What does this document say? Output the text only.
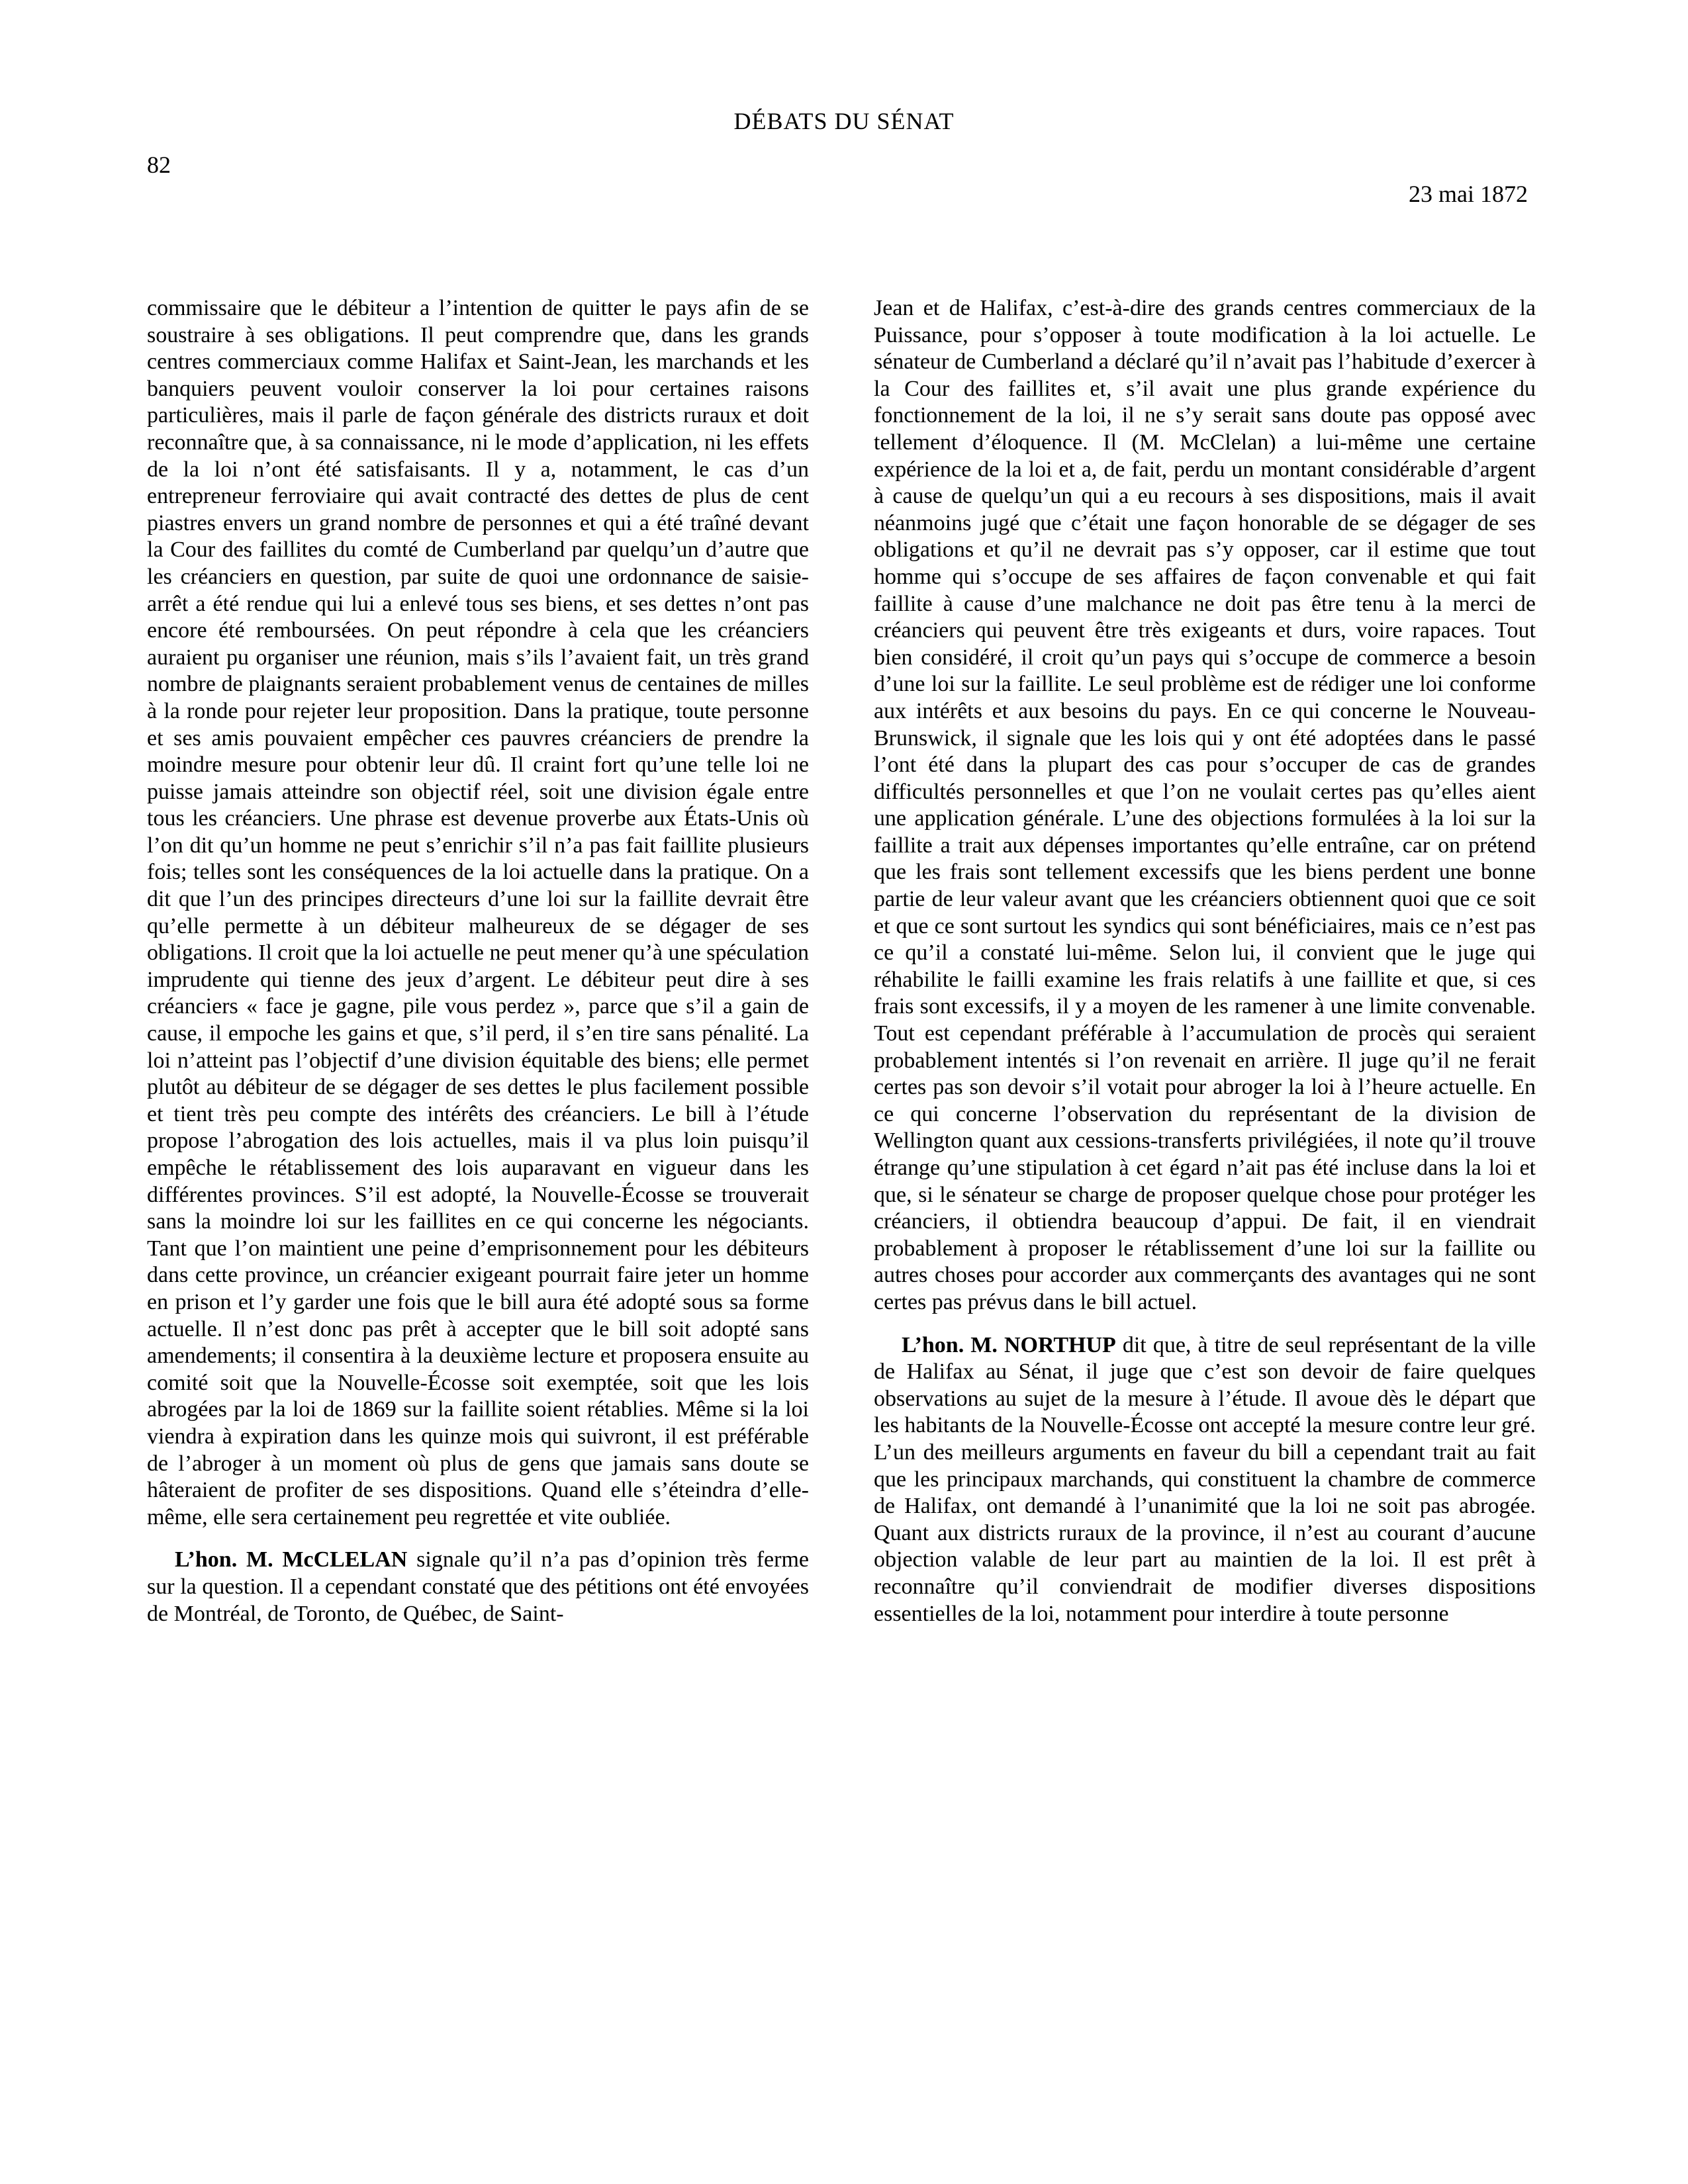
DÉBATS DU SÉNAT
82
23 mai 1872

commissaire que le débiteur a l’intention de quitter le pays afin de se soustraire à ses obligations. Il peut comprendre que, dans les grands centres commerciaux comme Halifax et Saint-Jean, les marchands et les banquiers peuvent vouloir conserver la loi pour certaines raisons particulières, mais il parle de façon générale des districts ruraux et doit reconnaître que, à sa connaissance, ni le mode d’application, ni les effets de la loi n’ont été satisfaisants. Il y a, notamment, le cas d’un entrepreneur ferroviaire qui avait contracté des dettes de plus de cent piastres envers un grand nombre de personnes et qui a été traîné devant la Cour des faillites du comté de Cumberland par quelqu’un d’autre que les créanciers en question, par suite de quoi une ordonnance de saisie-arrêt a été rendue qui lui a enlevé tous ses biens, et ses dettes n’ont pas encore été remboursées. On peut répondre à cela que les créanciers auraient pu organiser une réunion, mais s’ils l’avaient fait, un très grand nombre de plaignants seraient probablement venus de centaines de milles à la ronde pour rejeter leur proposition. Dans la pratique, toute personne et ses amis pouvaient empêcher ces pauvres créanciers de prendre la moindre mesure pour obtenir leur dû. Il craint fort qu’une telle loi ne puisse jamais atteindre son objectif réel, soit une division égale entre tous les créanciers. Une phrase est devenue proverbe aux États-Unis où l’on dit qu’un homme ne peut s’enrichir s’il n’a pas fait faillite plusieurs fois; telles sont les conséquences de la loi actuelle dans la pratique. On a dit que l’un des principes directeurs d’une loi sur la faillite devrait être qu’elle permette à un débiteur malheureux de se dégager de ses obligations. Il croit que la loi actuelle ne peut mener qu’à une spéculation imprudente qui tienne des jeux d’argent. Le débiteur peut dire à ses créanciers « face je gagne, pile vous perdez », parce que s’il a gain de cause, il empoche les gains et que, s’il perd, il s’en tire sans pénalité. La loi n’atteint pas l’objectif d’une division équitable des biens; elle permet plutôt au débiteur de se dégager de ses dettes le plus facilement possible et tient très peu compte des intérêts des créanciers. Le bill à l’étude propose l’abrogation des lois actuelles, mais il va plus loin puisqu’il empêche le rétablissement des lois auparavant en vigueur dans les différentes provinces. S’il est adopté, la Nouvelle-Écosse se trouverait sans la moindre loi sur les faillites en ce qui concerne les négociants. Tant que l’on maintient une peine d’emprisonnement pour les débiteurs dans cette province, un créancier exigeant pourrait faire jeter un homme en prison et l’y garder une fois que le bill aura été adopté sous sa forme actuelle. Il n’est donc pas prêt à accepter que le bill soit adopté sans amendements; il consentira à la deuxième lecture et proposera ensuite au comité soit que la Nouvelle-Écosse soit exemptée, soit que les lois abrogées par la loi de 1869 sur la faillite soient rétablies. Même si la loi viendra à expiration dans les quinze mois qui suivront, il est préférable de l’abroger à un moment où plus de gens que jamais sans doute se hâteraient de profiter de ses dispositions. Quand elle s’éteindra d’elle-même, elle sera certainement peu regrettée et vite oubliée.

L’hon. M. McCLELAN signale qu’il n’a pas d’opinion très ferme sur la question. Il a cependant constaté que des pétitions ont été envoyées de Montréal, de Toronto, de Québec, de Saint-

Jean et de Halifax, c’est-à-dire des grands centres commerciaux de la Puissance, pour s’opposer à toute modification à la loi actuelle. Le sénateur de Cumberland a déclaré qu’il n’avait pas l’habitude d’exercer à la Cour des faillites et, s’il avait une plus grande expérience du fonctionnement de la loi, il ne s’y serait sans doute pas opposé avec tellement d’éloquence. Il (M. McClelan) a lui-même une certaine expérience de la loi et a, de fait, perdu un montant considérable d’argent à cause de quelqu’un qui a eu recours à ses dispositions, mais il avait néanmoins jugé que c’était une façon honorable de se dégager de ses obligations et qu’il ne devrait pas s’y opposer, car il estime que tout homme qui s’occupe de ses affaires de façon convenable et qui fait faillite à cause d’une malchance ne doit pas être tenu à la merci de créanciers qui peuvent être très exigeants et durs, voire rapaces. Tout bien considéré, il croit qu’un pays qui s’occupe de commerce a besoin d’une loi sur la faillite. Le seul problème est de rédiger une loi conforme aux intérêts et aux besoins du pays. En ce qui concerne le Nouveau-Brunswick, il signale que les lois qui y ont été adoptées dans le passé l’ont été dans la plupart des cas pour s’occuper de cas de grandes difficultés personnelles et que l’on ne voulait certes pas qu’elles aient une application générale. L’une des objections formulées à la loi sur la faillite a trait aux dépenses importantes qu’elle entraîne, car on prétend que les frais sont tellement excessifs que les biens perdent une bonne partie de leur valeur avant que les créanciers obtiennent quoi que ce soit et que ce sont surtout les syndics qui sont bénéficiaires, mais ce n’est pas ce qu’il a constaté lui-même. Selon lui, il convient que le juge qui réhabilite le failli examine les frais relatifs à une faillite et que, si ces frais sont excessifs, il y a moyen de les ramener à une limite convenable. Tout est cependant préférable à l’accumulation de procès qui seraient probablement intentés si l’on revenait en arrière. Il juge qu’il ne ferait certes pas son devoir s’il votait pour abroger la loi à l’heure actuelle. En ce qui concerne l’observation du représentant de la division de Wellington quant aux cessions-transferts privilégiées, il note qu’il trouve étrange qu’une stipulation à cet égard n’ait pas été incluse dans la loi et que, si le sénateur se charge de proposer quelque chose pour protéger les créanciers, il obtiendra beaucoup d’appui. De fait, il en viendrait probablement à proposer le rétablissement d’une loi sur la faillite ou autres choses pour accorder aux commerçants des avantages qui ne sont certes pas prévus dans le bill actuel.

L’hon. M. NORTHUP dit que, à titre de seul représentant de la ville de Halifax au Sénat, il juge que c’est son devoir de faire quelques observations au sujet de la mesure à l’étude. Il avoue dès le départ que les habitants de la Nouvelle-Écosse ont accepté la mesure contre leur gré. L’un des meilleurs arguments en faveur du bill a cependant trait au fait que les principaux marchands, qui constituent la chambre de commerce de Halifax, ont demandé à l’unanimité que la loi ne soit pas abrogée. Quant aux districts ruraux de la province, il n’est au courant d’aucune objection valable de leur part au maintien de la loi. Il est prêt à reconnaître qu’il conviendrait de modifier diverses dispositions essentielles de la loi, notamment pour interdire à toute personne
